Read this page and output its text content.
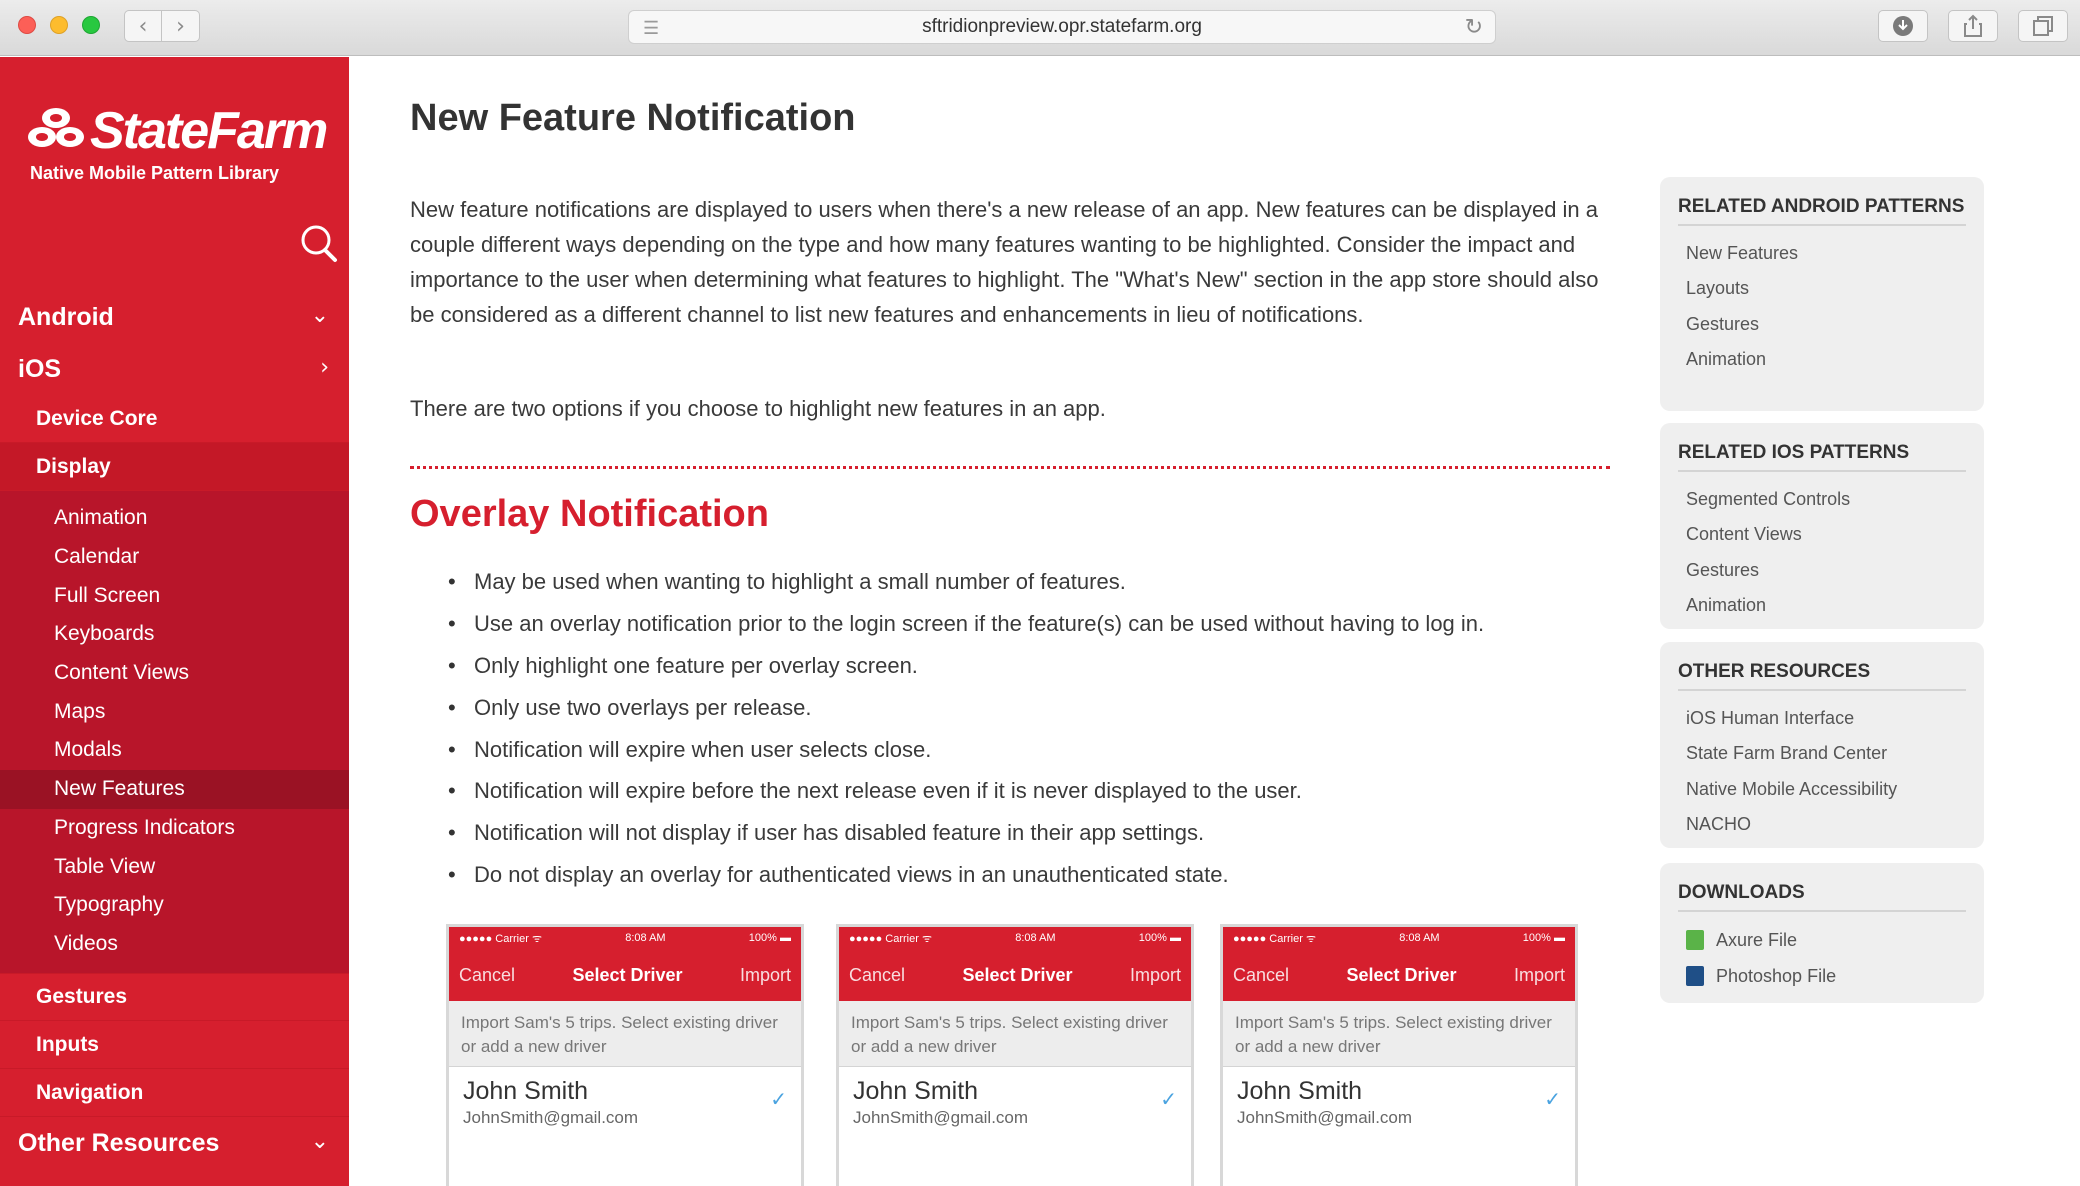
‹ ›	☰	sftridionpreview.opr.statefarm.org	↻
StateFarm
Native Mobile Pattern Library
Android	⌄
iOS	›
Device Core
Display
Animation
Calendar
Full Screen
Keyboards
Content Views
Maps
Modals
New Features
Progress Indicators
Table View
Typography
Videos
Gestures
Inputs
Navigation
Other Resources	⌄
New Feature Notification

New feature notifications are displayed to users when there's a new release of an app. New features can be displayed in a couple different ways depending on the type and how many features wanting to be highlighted. Consider the impact and importance to the user when determining what features to highlight. The "What's New" section in the app store should also be considered as a different channel to list new features and enhancements in lieu of notifications.

There are two options if you choose to highlight new features in an app.

Overlay Notification
• May be used when wanting to highlight a small number of features.
• Use an overlay notification prior to the login screen if the feature(s) can be used without having to log in.
• Only highlight one feature per overlay screen.
• Only use two overlays per release.
• Notification will expire when user selects close.
• Notification will expire before the next release even if it is never displayed to the user.
• Notification will not display if user has disabled feature in their app settings.
• Do not display an overlay for authenticated views in an unauthenticated state.
●●●●● Carrier ᯤ	8:08 AM	100% ▬
Cancel	Select Driver	Import
Import Sam's 5 trips. Select existing driver or add a new driver
John Smith
JohnSmith@gmail.com
✓
●●●●● Carrier ᯤ	8:08 AM	100% ▬
Cancel	Select Driver	Import
Import Sam's 5 trips. Select existing driver or add a new driver
John Smith
JohnSmith@gmail.com
✓
●●●●● Carrier ᯤ	8:08 AM	100% ▬
Cancel	Select Driver	Import
Import Sam's 5 trips. Select existing driver or add a new driver
John Smith
JohnSmith@gmail.com
✓
RELATED ANDROID PATTERNS
New Features
Layouts
Gestures
Animation
RELATED IOS PATTERNS
Segmented Controls
Content Views
Gestures
Animation
OTHER RESOURCES
iOS Human Interface
State Farm Brand Center
Native Mobile Accessibility
NACHO
DOWNLOADS
Axure File
Photoshop File
